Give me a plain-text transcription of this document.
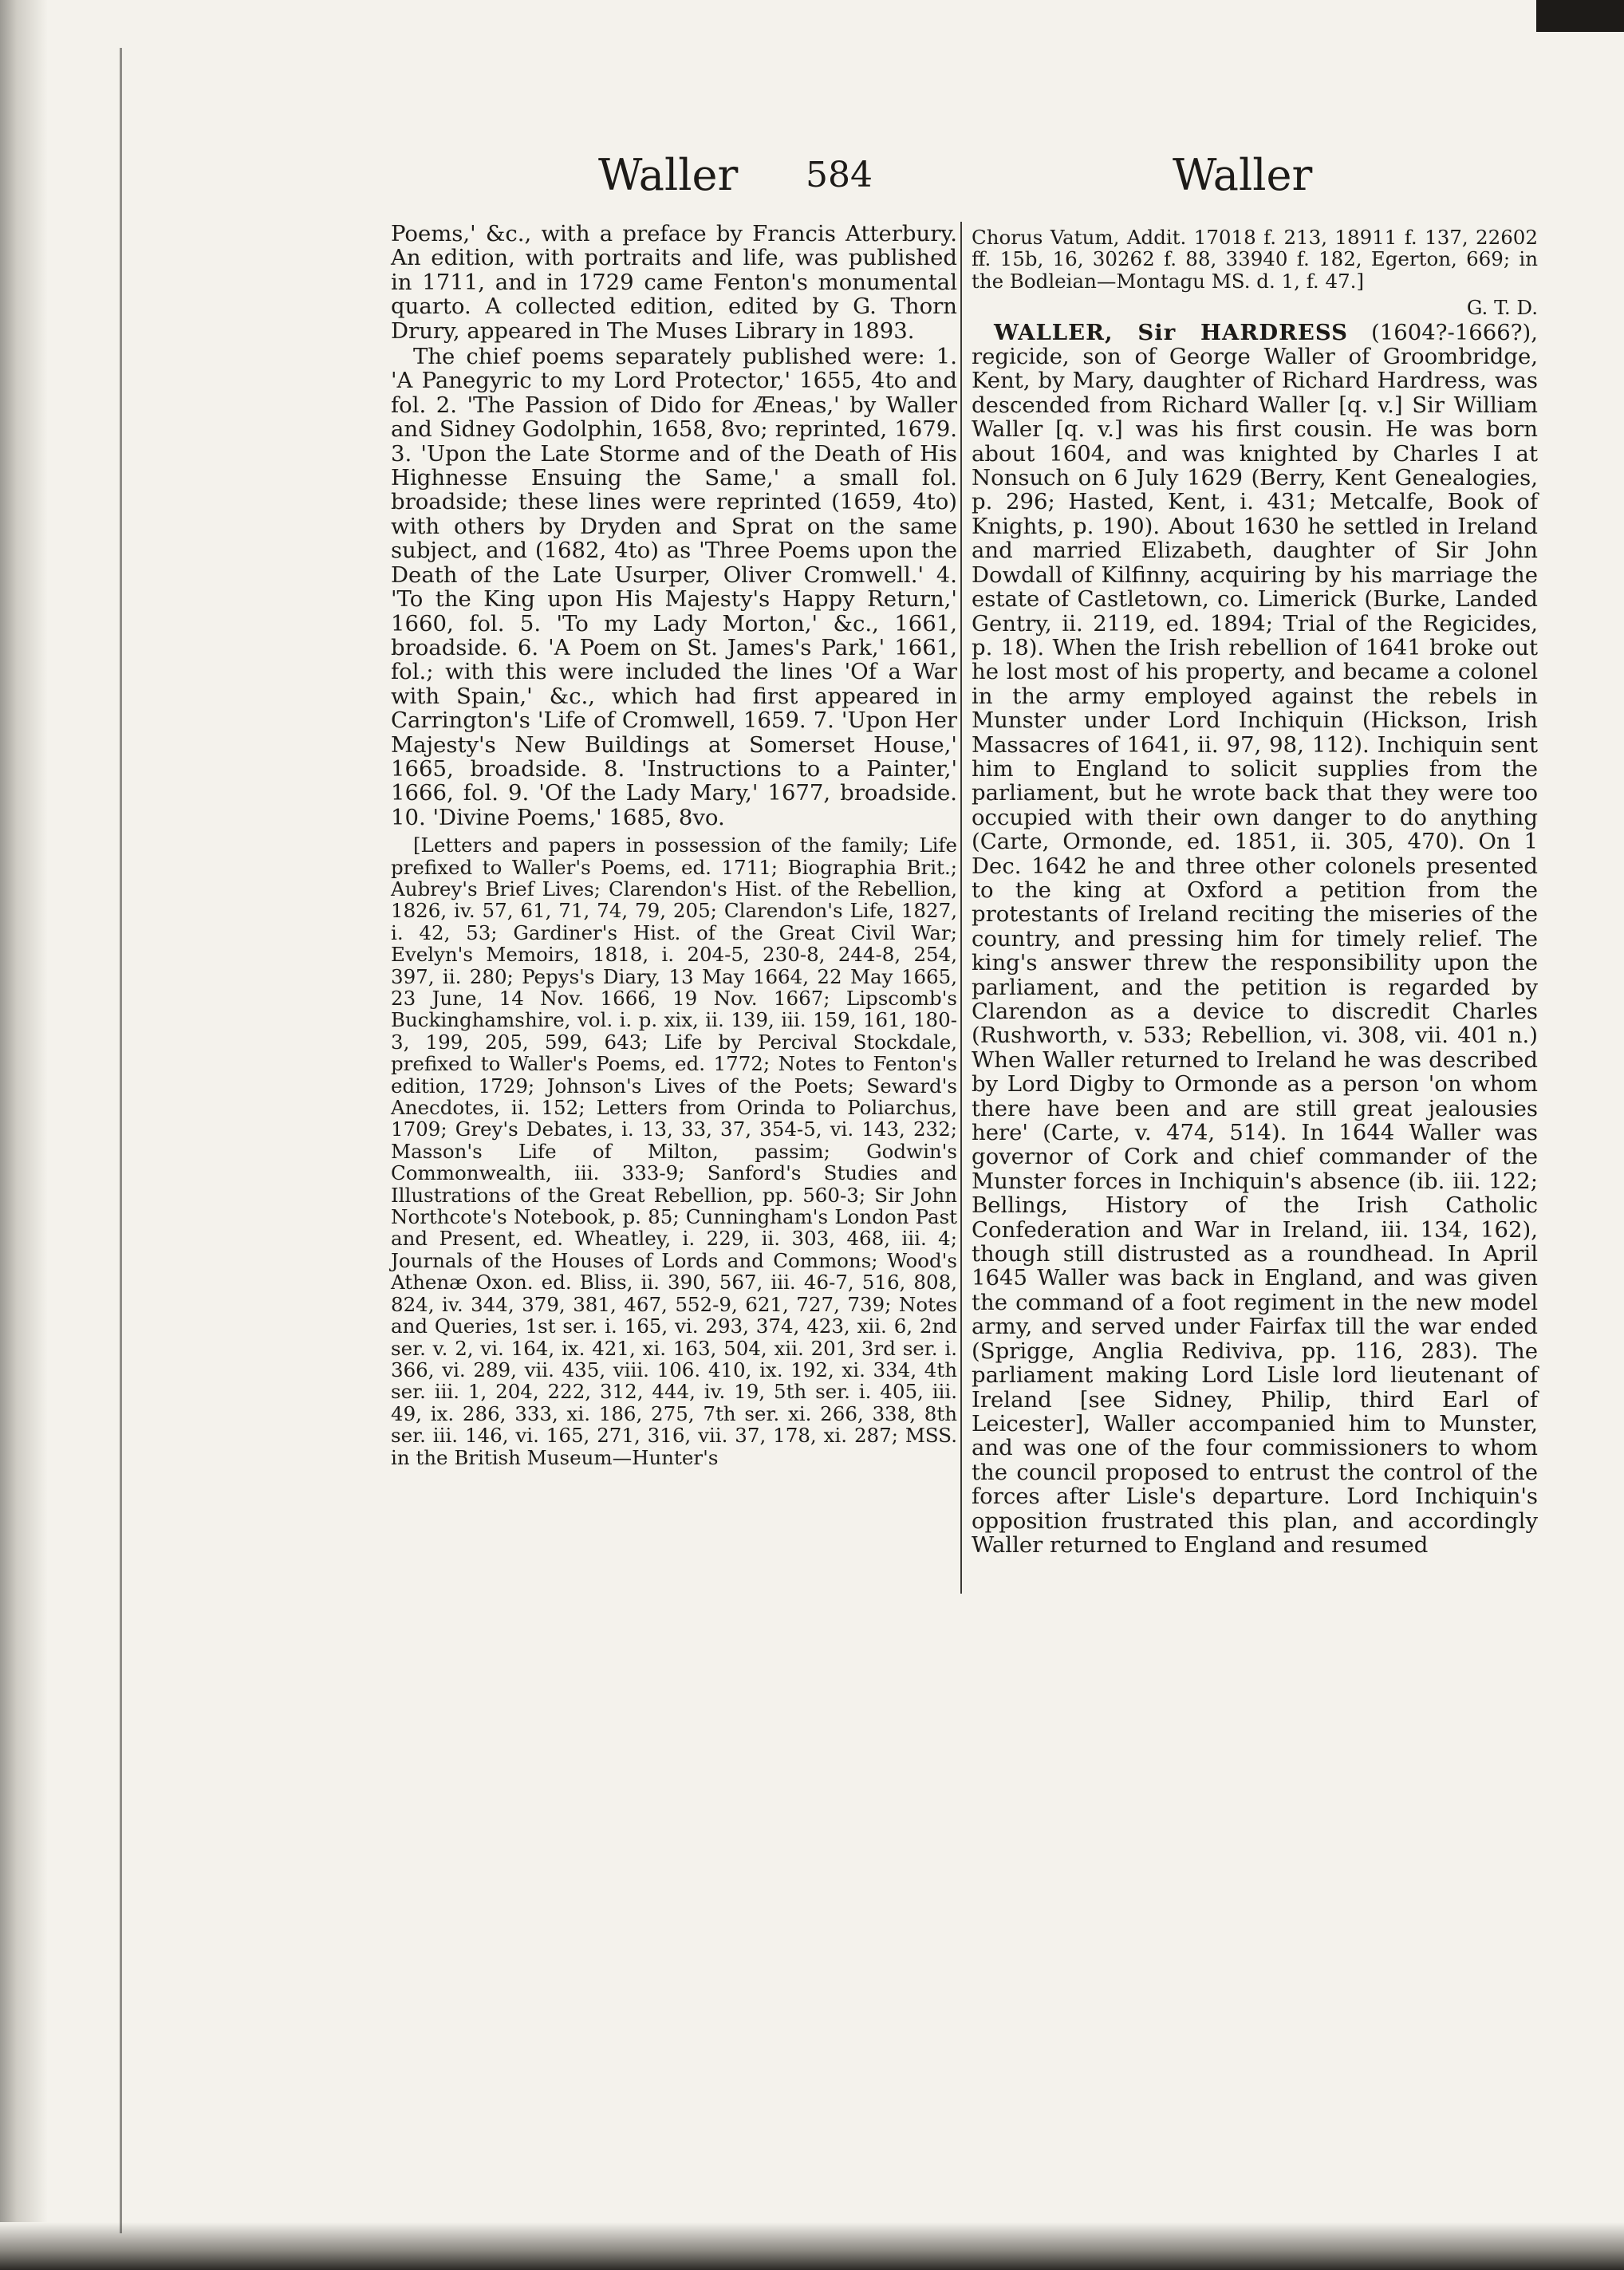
Waller 584	Waller

Poems,' &c., with a preface by Francis Atterbury. An edition, with portraits and life, was published in 1711, and in 1729 came Fenton's monumental quarto. A collected edition, edited by G. Thorn Drury, appeared in The Muses Library in 1893.

The chief poems separately published were: 1. 'A Panegyric to my Lord Protector,' 1655, 4to and fol. 2. 'The Passion of Dido for Æneas,' by Waller and Sidney Godolphin, 1658, 8vo; reprinted, 1679. 3. 'Upon the Late Storme and of the Death of His Highnesse Ensuing the Same,' a small fol. broadside; these lines were reprinted (1659, 4to) with others by Dryden and Sprat on the same subject, and (1682, 4to) as 'Three Poems upon the Death of the Late Usurper, Oliver Cromwell.' 4. 'To the King upon His Majesty's Happy Return,' 1660, fol. 5. 'To my Lady Morton,' &c., 1661, broadside. 6. 'A Poem on St. James's Park,' 1661, fol.; with this were included the lines 'Of a War with Spain,' &c., which had first appeared in Carrington's 'Life of Cromwell, 1659. 7. 'Upon Her Majesty's New Buildings at Somerset House,' 1665, broadside. 8. 'Instructions to a Painter,' 1666, fol. 9. 'Of the Lady Mary,' 1677, broadside. 10. 'Divine Poems,' 1685, 8vo.

[Letters and papers in possession of the family; Life prefixed to Waller's Poems, ed. 1711; Biographia Brit.; Aubrey's Brief Lives; Clarendon's Hist. of the Rebellion, 1826, iv. 57, 61, 71, 74, 79, 205; Clarendon's Life, 1827, i. 42, 53; Gardiner's Hist. of the Great Civil War; Evelyn's Memoirs, 1818, i. 204-5, 230-8, 244-8, 254, 397, ii. 280; Pepys's Diary, 13 May 1664, 22 May 1665, 23 June, 14 Nov. 1666, 19 Nov. 1667; Lipscomb's Buckinghamshire, vol. i. p. xix, ii. 139, iii. 159, 161, 180-3, 199, 205, 599, 643; Life by Percival Stockdale, prefixed to Waller's Poems, ed. 1772; Notes to Fenton's edition, 1729; Johnson's Lives of the Poets; Seward's Anecdotes, ii. 152; Letters from Orinda to Poliarchus, 1709; Grey's Debates, i. 13, 33, 37, 354-5, vi. 143, 232; Masson's Life of Milton, passim; Godwin's Commonwealth, iii. 333-9; Sanford's Studies and Illustrations of the Great Rebellion, pp. 560-3; Sir John Northcote's Notebook, p. 85; Cunningham's London Past and Present, ed. Wheatley, i. 229, ii. 303, 468, iii. 4; Journals of the Houses of Lords and Commons; Wood's Athenæ Oxon. ed. Bliss, ii. 390, 567, iii. 46-7, 516, 808, 824, iv. 344, 379, 381, 467, 552-9, 621, 727, 739; Notes and Queries, 1st ser. i. 165, vi. 293, 374, 423, xii. 6, 2nd ser. v. 2, vi. 164, ix. 421, xi. 163, 504, xii. 201, 3rd ser. i. 366, vi. 289, vii. 435, viii. 106. 410, ix. 192, xi. 334, 4th ser. iii. 1, 204, 222, 312, 444, iv. 19, 5th ser. i. 405, iii. 49, ix. 286, 333, xi. 186, 275, 7th ser. xi. 266, 338, 8th ser. iii. 146, vi. 165, 271, 316, vii. 37, 178, xi. 287; MSS. in the British Museum—Hunter's

Chorus Vatum, Addit. 17018 f. 213, 18911 f. 137, 22602 ff. 15b, 16, 30262 f. 88, 33940 f. 182, Egerton, 669; in the Bodleian—Montagu MS. d. 1, f. 47.]

G. T. D.

WALLER, Sir HARDRESS (1604?-1666?), regicide, son of George Waller of Groombridge, Kent, by Mary, daughter of Richard Hardress, was descended from Richard Waller [q. v.] Sir William Waller [q. v.] was his first cousin. He was born about 1604, and was knighted by Charles I at Nonsuch on 6 July 1629 (Berry, Kent Genealogies, p. 296; Hasted, Kent, i. 431; Metcalfe, Book of Knights, p. 190). About 1630 he settled in Ireland and married Elizabeth, daughter of Sir John Dowdall of Kilfinny, acquiring by his marriage the estate of Castletown, co. Limerick (Burke, Landed Gentry, ii. 2119, ed. 1894; Trial of the Regicides, p. 18). When the Irish rebellion of 1641 broke out he lost most of his property, and became a colonel in the army employed against the rebels in Munster under Lord Inchiquin (Hickson, Irish Massacres of 1641, ii. 97, 98, 112). Inchiquin sent him to England to solicit supplies from the parliament, but he wrote back that they were too occupied with their own danger to do anything (Carte, Ormonde, ed. 1851, ii. 305, 470). On 1 Dec. 1642 he and three other colonels presented to the king at Oxford a petition from the protestants of Ireland reciting the miseries of the country, and pressing him for timely relief. The king's answer threw the responsibility upon the parliament, and the petition is regarded by Clarendon as a device to discredit Charles (Rushworth, v. 533; Rebellion, vi. 308, vii. 401 n.) When Waller returned to Ireland he was described by Lord Digby to Ormonde as a person 'on whom there have been and are still great jealousies here' (Carte, v. 474, 514). In 1644 Waller was governor of Cork and chief commander of the Munster forces in Inchiquin's absence (ib. iii. 122; Bellings, History of the Irish Catholic Confederation and War in Ireland, iii. 134, 162), though still distrusted as a roundhead. In April 1645 Waller was back in England, and was given the command of a foot regiment in the new model army, and served under Fairfax till the war ended (Sprigge, Anglia Rediviva, pp. 116, 283). The parliament making Lord Lisle lord lieutenant of Ireland [see Sidney, Philip, third Earl of Leicester], Waller accompanied him to Munster, and was one of the four commissioners to whom the council proposed to entrust the control of the forces after Lisle's departure. Lord Inchiquin's opposition frustrated this plan, and accordingly Waller returned to England and resumed
